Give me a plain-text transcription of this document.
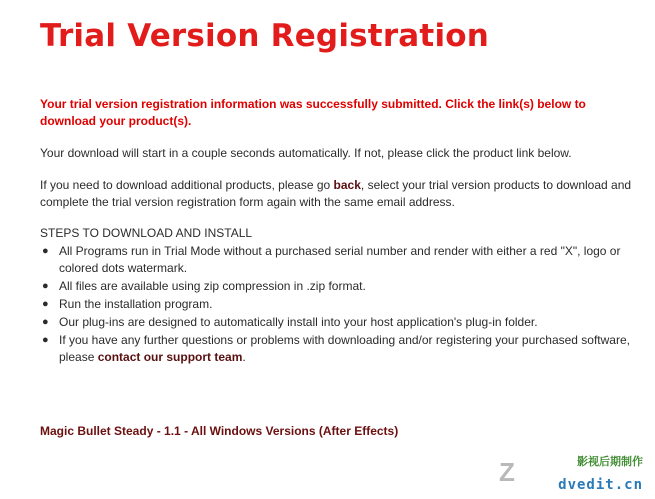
Trial Version Registration
Your trial version registration information was successfully submitted. Click the link(s) below to download your product(s).
Your download will start in a couple seconds automatically. If not, please click the product link below.
If you need to download additional products, please go back, select your trial version products to download and complete the trial version registration form again with the same email address.
STEPS TO DOWNLOAD AND INSTALL
● All Programs run in Trial Mode without a purchased serial number and render with either a red "X", logo or colored dots watermark.
● All files are available using zip compression in .zip format.
● Run the installation program.
● Our plug-ins are designed to automatically install into your host application's plug-in folder.
● If you have any further questions or problems with downloading and/or registering your purchased software, please contact our support team.
Magic Bullet Steady - 1.1 - All Windows Versions (After Effects)
Z	影视后期制作
dvedit.cn
